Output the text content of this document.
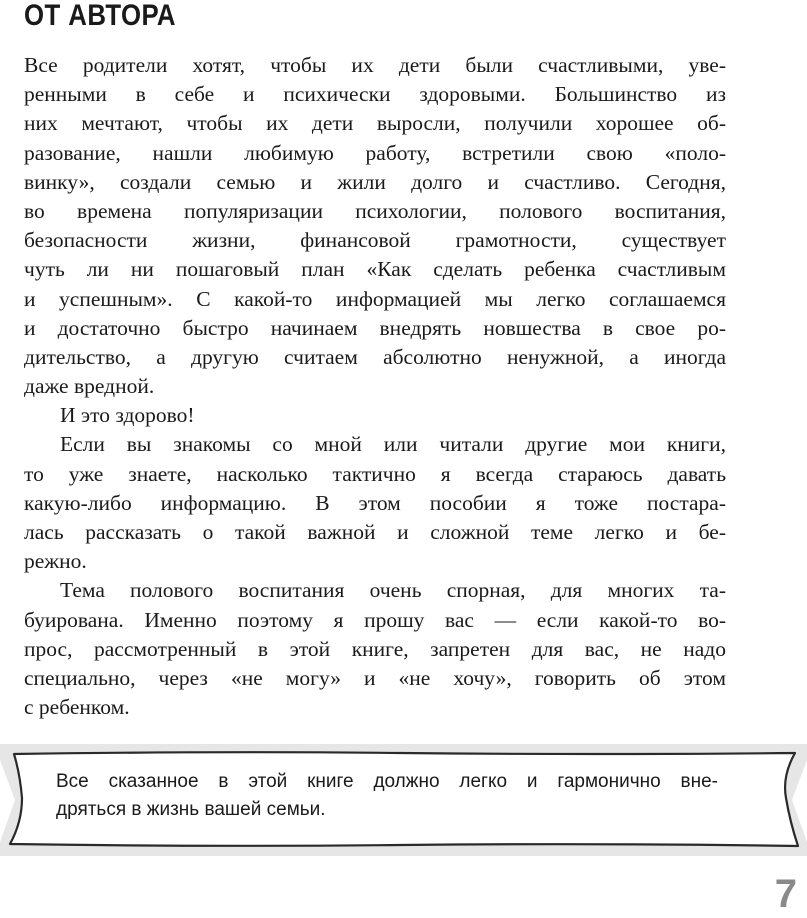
ОТ АВТОРА
Все родители хотят, чтобы их дети были счастливыми, уве-
ренными в себе и психически здоровыми. Большинство из
них мечтают, чтобы их дети выросли, получили хорошее об-
разование, нашли любимую работу, встретили свою «поло-
винку», создали семью и жили долго и счастливо. Сегодня,
во времена популяризации психологии, полового воспитания,
безопасности жизни, финансовой грамотности, существует
чуть ли ни пошаговый план «Как сделать ребенка счастливым
и успешным». С какой-то информацией мы легко соглашаемся
и достаточно быстро начинаем внедрять новшества в свое ро-
дительство, а другую считаем абсолютно ненужной, а иногда
даже вредной.
И это здорово!
Если вы знакомы со мной или читали другие мои книги,
то уже знаете, насколько тактично я всегда стараюсь давать
какую-либо информацию. В этом пособии я тоже постара-
лась рассказать о такой важной и сложной теме легко и бе-
режно.
Тема полового воспитания очень спорная, для многих та-
буирована. Именно поэтому я прошу вас — если какой-то во-
прос, рассмотренный в этой книге, запретен для вас, не надо
специально, через «не могу» и «не хочу», говорить об этом
с ребенком.
Все сказанное в этой книге должно легко и гармонично вне-
дряться в жизнь вашей семьи.
7
